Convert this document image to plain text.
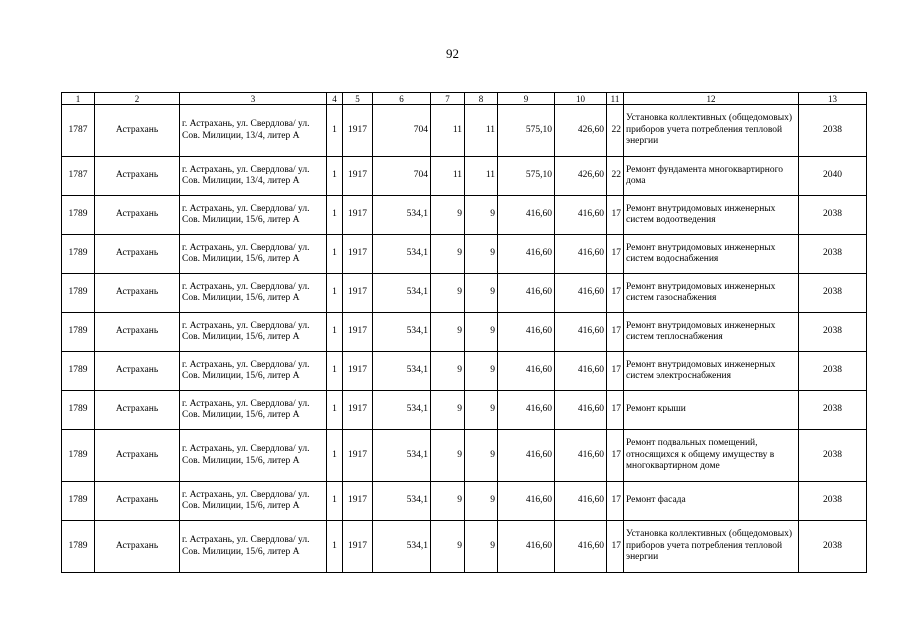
92
1	2	3	4	5	6	7	8	9	10	11	12	13
1787	Астрахань	г. Астрахань, ул. Свердлова/ ул. Сов. Милиции, 13/4, литер А	1	1917	704	11	11	575,10	426,60	22	Установка коллективных (общедомовых) приборов учета потребления тепловой энергии	2038
1787	Астрахань	г. Астрахань, ул. Свердлова/ ул. Сов. Милиции, 13/4, литер А	1	1917	704	11	11	575,10	426,60	22	Ремонт фундамента многоквартирного дома	2040
1789	Астрахань	г. Астрахань, ул. Свердлова/ ул. Сов. Милиции, 15/6, литер А	1	1917	534,1	9	9	416,60	416,60	17	Ремонт внутридомовых инженерных систем водоотведения	2038
1789	Астрахань	г. Астрахань, ул. Свердлова/ ул. Сов. Милиции, 15/6, литер А	1	1917	534,1	9	9	416,60	416,60	17	Ремонт внутридомовых инженерных систем водоснабжения	2038
1789	Астрахань	г. Астрахань, ул. Свердлова/ ул. Сов. Милиции, 15/6, литер А	1	1917	534,1	9	9	416,60	416,60	17	Ремонт внутридомовых инженерных систем газоснабжения	2038
1789	Астрахань	г. Астрахань, ул. Свердлова/ ул. Сов. Милиции, 15/6, литер А	1	1917	534,1	9	9	416,60	416,60	17	Ремонт внутридомовых инженерных систем теплоснабжения	2038
1789	Астрахань	г. Астрахань, ул. Свердлова/ ул. Сов. Милиции, 15/6, литер А	1	1917	534,1	9	9	416,60	416,60	17	Ремонт внутридомовых инженерных систем электроснабжения	2038
1789	Астрахань	г. Астрахань, ул. Свердлова/ ул. Сов. Милиции, 15/6, литер А	1	1917	534,1	9	9	416,60	416,60	17	Ремонт крыши	2038
1789	Астрахань	г. Астрахань, ул. Свердлова/ ул. Сов. Милиции, 15/6, литер А	1	1917	534,1	9	9	416,60	416,60	17	Ремонт подвальных помещений, относящихся к общему имуществу в многоквартирном доме	2038
1789	Астрахань	г. Астрахань, ул. Свердлова/ ул. Сов. Милиции, 15/6, литер А	1	1917	534,1	9	9	416,60	416,60	17	Ремонт фасада	2038
1789	Астрахань	г. Астрахань, ул. Свердлова/ ул. Сов. Милиции, 15/6, литер А	1	1917	534,1	9	9	416,60	416,60	17	Установка коллективных (общедомовых) приборов учета потребления тепловой энергии	2038
